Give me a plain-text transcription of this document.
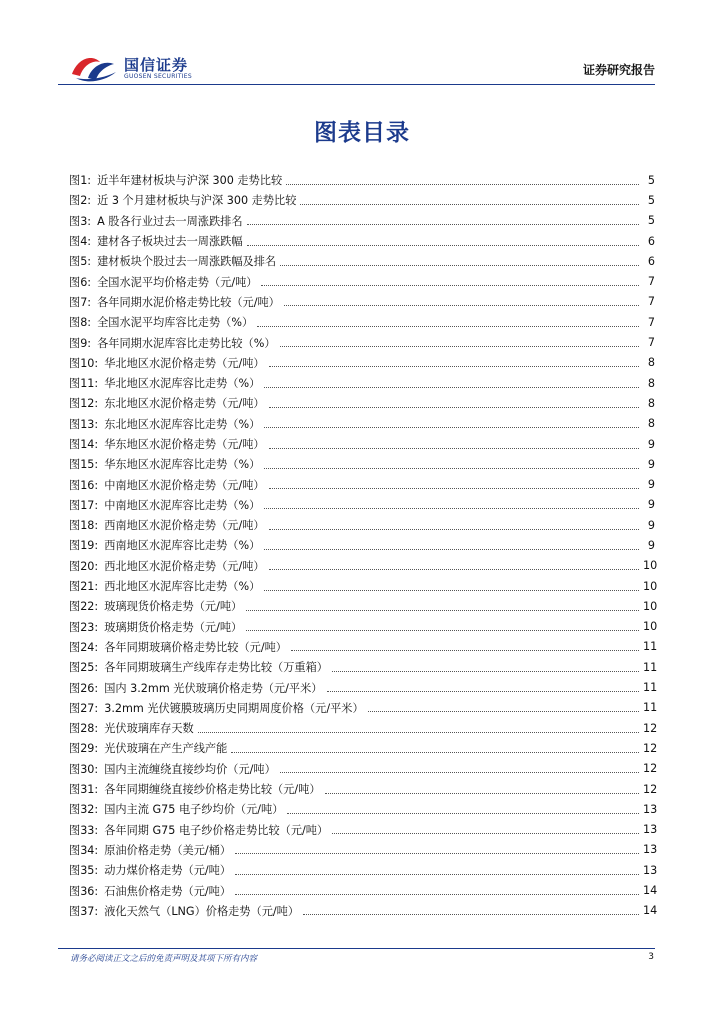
国信证券
GUOSEN SECURITIES	证券研究报告
图表目录
图1: 近半年建材板块与沪深 300 走势比较	5
图2: 近 3 个月建材板块与沪深 300 走势比较	5
图3: A 股各行业过去一周涨跌排名	5
图4: 建材各子板块过去一周涨跌幅	6
图5: 建材板块个股过去一周涨跌幅及排名	6
图6: 全国水泥平均价格走势（元/吨）	7
图7: 各年同期水泥价格走势比较（元/吨）	7
图8: 全国水泥平均库容比走势（%）	7
图9: 各年同期水泥库容比走势比较（%）	7
图10: 华北地区水泥价格走势（元/吨）	8
图11: 华北地区水泥库容比走势（%）	8
图12: 东北地区水泥价格走势（元/吨）	8
图13: 东北地区水泥库容比走势（%）	8
图14: 华东地区水泥价格走势（元/吨）	9
图15: 华东地区水泥库容比走势（%）	9
图16: 中南地区水泥价格走势（元/吨）	9
图17: 中南地区水泥库容比走势（%）	9
图18: 西南地区水泥价格走势（元/吨）	9
图19: 西南地区水泥库容比走势（%）	9
图20: 西北地区水泥价格走势（元/吨）	10
图21: 西北地区水泥库容比走势（%）	10
图22: 玻璃现货价格走势（元/吨）	10
图23: 玻璃期货价格走势（元/吨）	10
图24: 各年同期玻璃价格走势比较（元/吨）	11
图25: 各年同期玻璃生产线库存走势比较（万重箱）	11
图26: 国内 3.2mm 光伏玻璃价格走势（元/平米）	11
图27: 3.2mm 光伏镀膜玻璃历史同期周度价格（元/平米）	11
图28: 光伏玻璃库存天数	12
图29: 光伏玻璃在产生产线产能	12
图30: 国内主流缠绕直接纱均价（元/吨）	12
图31: 各年同期缠绕直接纱价格走势比较（元/吨）	12
图32: 国内主流 G75 电子纱均价（元/吨）	13
图33: 各年同期 G75 电子纱价格走势比较（元/吨）	13
图34: 原油价格走势（美元/桶）	13
图35: 动力煤价格走势（元/吨）	13
图36: 石油焦价格走势（元/吨）	14
图37: 液化天然气（LNG）价格走势（元/吨）	14
请务必阅读正文之后的免责声明及其项下所有内容	3
